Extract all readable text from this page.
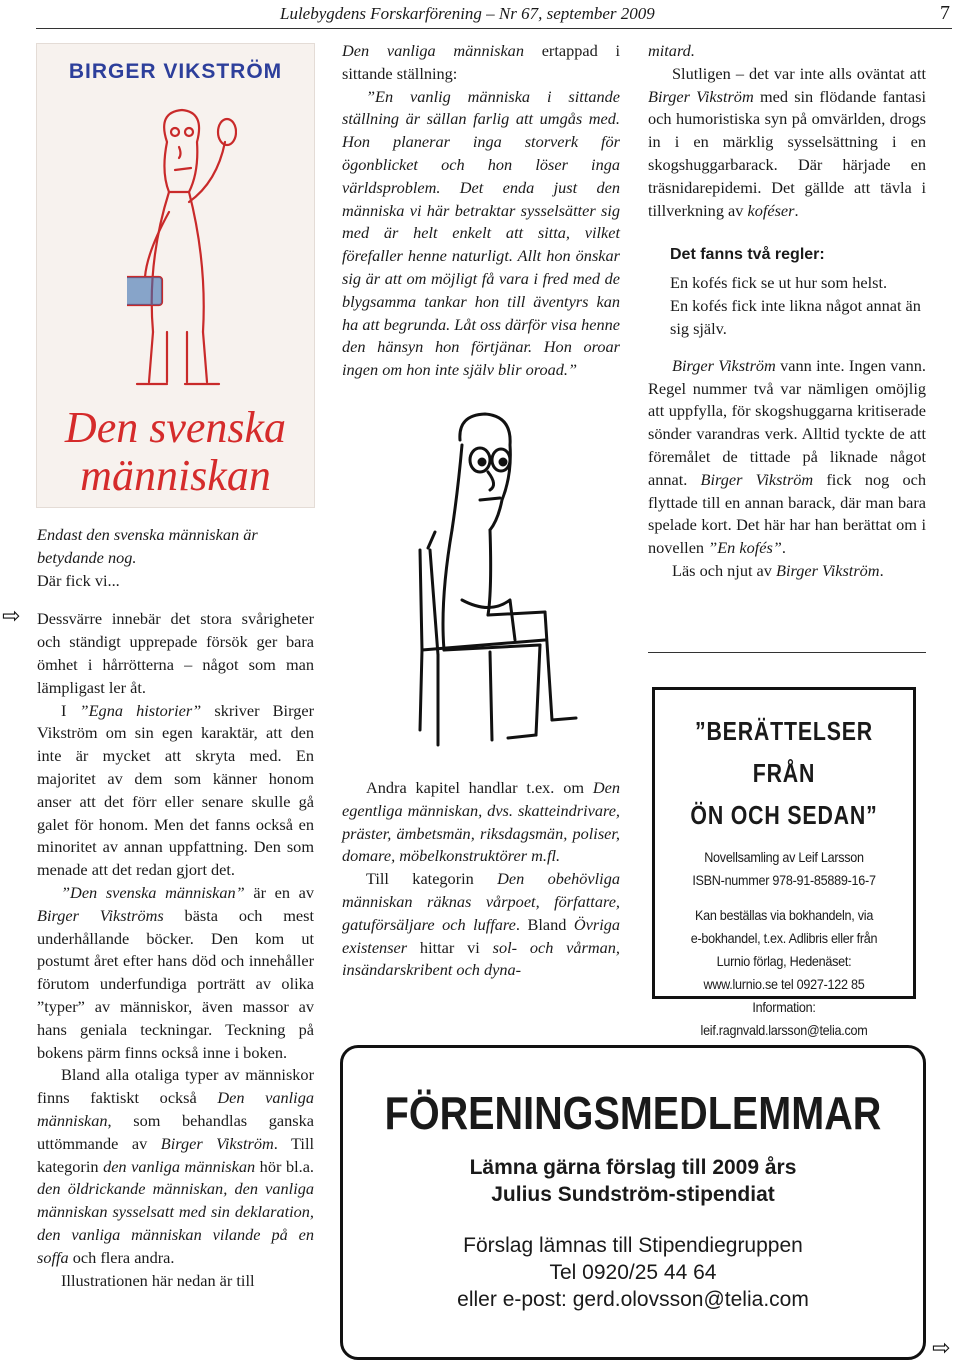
Lulebygdens Forskarförening – Nr 67, september 2009	7
BIRGER VIKSTRÖM
Den svenska
människan

Endast den svenska människan är betydande nog.
Där fick vi...

Dessvärre innebär det stora svårigheter och ständigt upprepade försök ger bara ömhet i hårrötterna – något som man lämpligast ler åt.

I ”Egna historier” skriver Birger Vikström om sin egen karaktär, att den inte är mycket att skryta med. En majoritet av dem som känner honom anser att det förr eller senare skulle gå galet för honom. Men det fanns också en minoritet av annan uppfattning. Den som menade att det redan gjort det.

”Den svenska människan” är en av Birger Vikströms bästa och mest underhållande böcker. Den kom ut postumt året efter hans död och innehåller förutom underfundiga porträtt av olika ”typer” av människor, även massor av hans geniala teckningar. Teckning på bokens pärm finns också inne i boken.

Bland alla otaliga typer av människor finns faktiskt också Den vanliga människan, som behandlas ganska uttömmande av Birger Vikström. Till kategorin den vanliga människan hör bl.a. den öldrickande människan, den vanliga människan sysselsatt med sin deklaration, den vanliga människan vilande på en soffa och flera andra.

Illustrationen här nedan är till

Den vanliga människan ertappad i sittande ställning:

”En vanlig människa i sittande ställning är sällan farlig att umgås med. Hon planerar inga storverk för ögonblicket och hon löser inga världsproblem. Det enda just den människa vi här betraktar sysselsätter sig med är helt enkelt att sitta, vilket förefaller henne naturligt. Allt hon önskar sig är att om möjligt få vara i fred med de blygsamma tankar hon till äventyrs kan ha att begrunda. Låt oss därför visa henne den hänsyn hon förtjänar. Hon oroar ingen om hon inte själv blir oroad.”

Andra kapitel handlar t.ex. om Den egentliga människan, dvs. skatteindrivare, präster, ämbetsmän, riksdagsmän, poliser, domare, möbelkonstruktörer m.fl.

Till kategorin Den obehövliga människan räknas vårpoet, författare, gatuförsäljare och luffare. Bland Övriga existenser hittar vi sol- och vårman, insändarskribent och dyna-

mitard.

Slutligen – det var inte alls oväntat att Birger Vikström med sin flödande fantasi och humoristiska syn på omvärlden, drogs in i en märklig sysselsättning i en skogshuggarbarack. Där härjade en träsnidarepidemi. Det gällde att tävla i tillverkning av koféser.

Det fanns två regler:

En kofés fick se ut hur som helst.

En kofés fick inte likna något annat än sig själv.

Birger Vikström vann inte. Ingen vann. Regel nummer två var nämligen omöjlig att uppfylla, för skogshuggarna kritiserade sönder varandras verk. Alltid tyckte de att föremålet de tittade på liknade något annat. Birger Vikström fick nog och flyttade till en annan barack, där man bara spelade kort. Det här har han berättat om i novellen ”En kofés”.

Läs och njut av Birger Vikström.

”BERÄTTELSER FRÅN
ÖN OCH SEDAN”
Novellsamling av Leif Larsson
ISBN-nummer 978-91-85889-16-7
Kan beställas via bokhandeln, via
e-bokhandel, t.ex. Adlibris eller från
Lurnio förlag, Hedenäset:
www.lurnio.se tel 0927-122 85
Information:
leif.ragnvald.larsson@telia.com
FÖRENINGSMEDLEMMAR
Lämna gärna förslag till 2009 års
Julius Sundström-stipendiat
Förslag lämnas till Stipendiegruppen
Tel 0920/25 44 64
eller e-post: gerd.olovsson@telia.com
⇨
⇨
